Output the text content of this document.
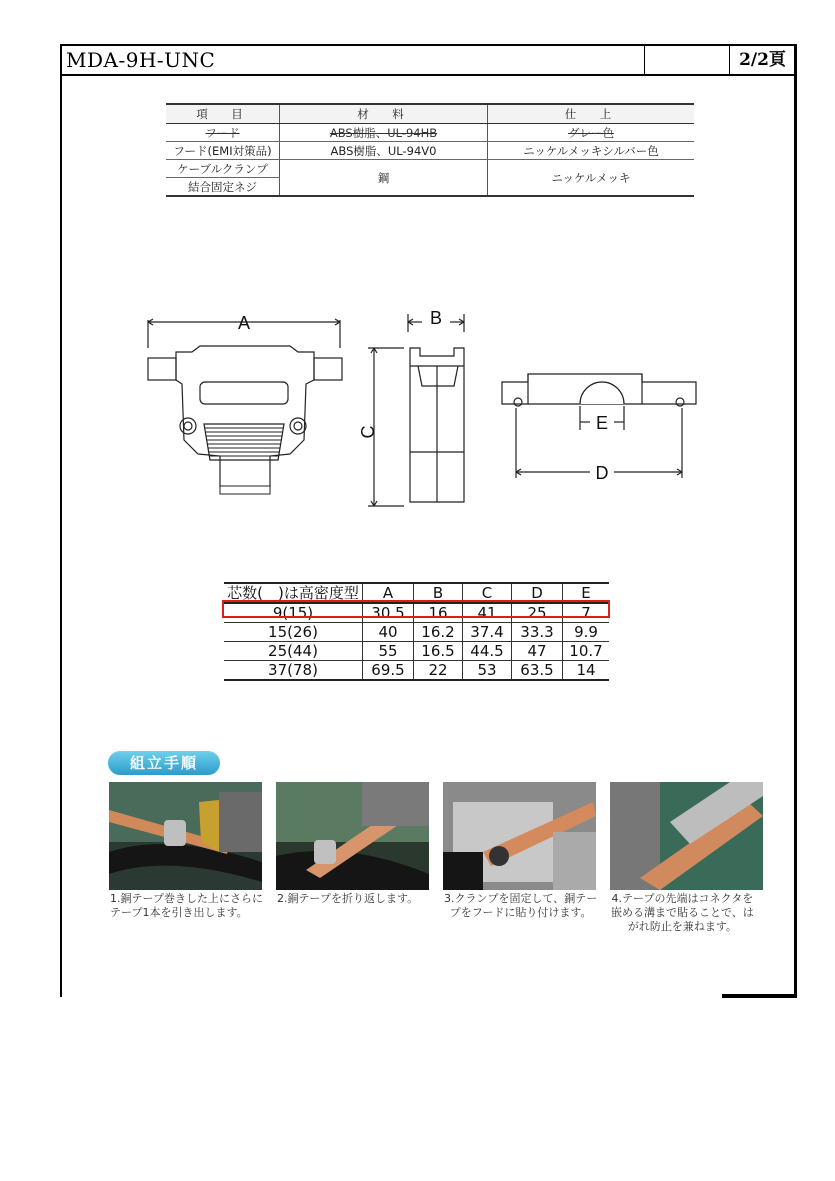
MDA-9H-UNC	2/2頁
項　目	材　料	仕　上
フード	ABS樹脂、UL-94HB	グレー色
フード(EMI対策品)	ABS樹脂、UL-94V0	ニッケルメッキシルバー色
ケーブルクランプ	鋼	ニッケルメッキ
結合固定ネジ		
A	B
C
D
E
芯数(　)は高密度型	A	B	C	D	E
9(15)	30.5	16	41	25	7
15(26)	40	16.2	37.4	33.3	9.9
25(44)	55	16.5	44.5	47	10.7
37(78)	69.5	22	53	63.5	14
組立手順
1.銅テープ巻きした上にさらに
テープ1本を引き出します。
2.銅テープを折り返します。 3.クランプを固定して、銅テー
プをフードに貼り付けます。
4.テープの先端はコネクタを
嵌める溝まで貼ることで、は
がれ防止を兼ねます。
